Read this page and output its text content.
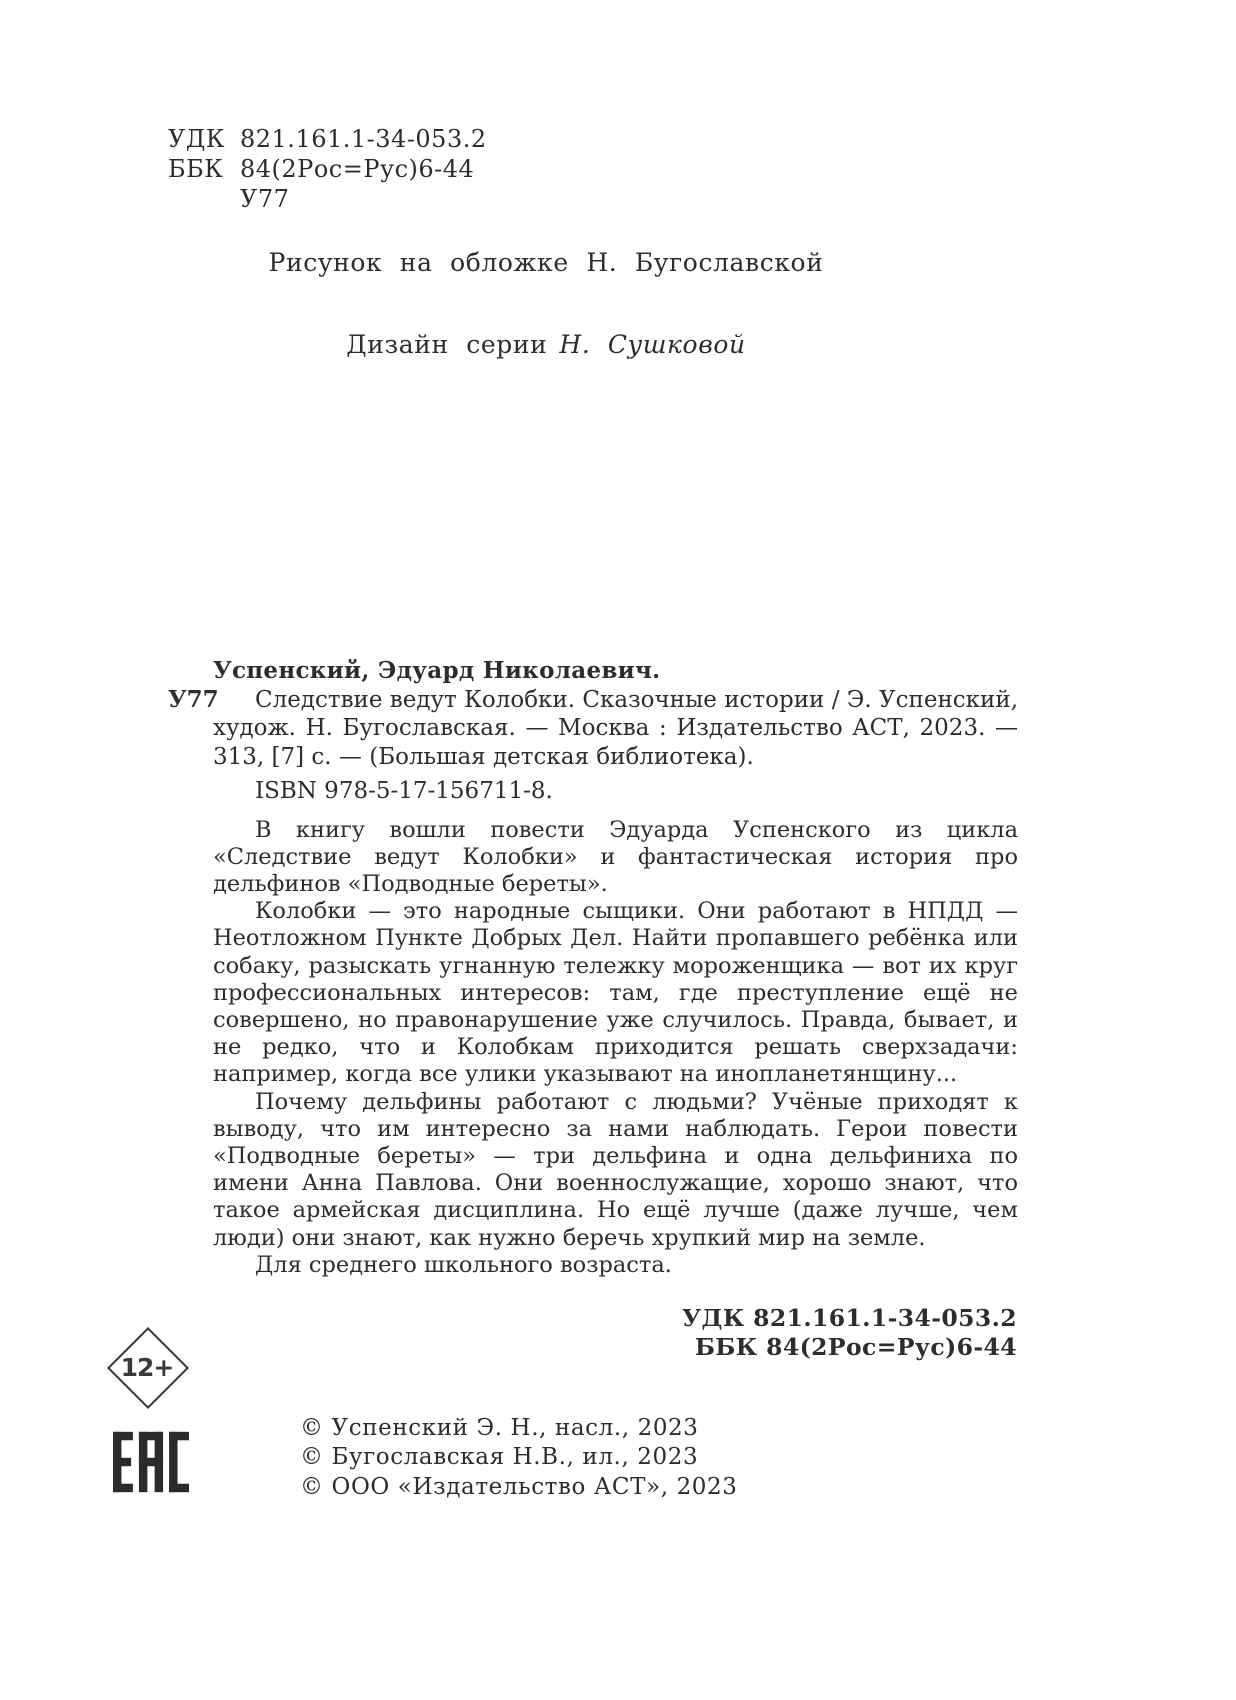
УДК 821.161.1-34-053.2
ББК 84(2Рос=Рус)6-44
У77
Рисунок на обложке Н. Бугославской
Дизайн серии Н. Сушковой
Успенский, Эдуард Николаевич.
У77	Следствие ведут Колобки. Сказочные истории / Э. Успенский, худож. Н. Бугославская. — Москва : Издательство АСТ, 2023. — 313, [7] с. — (Большая детская библиотека).

ISBN 978-5-17-156711-8.

В книгу вошли повести Эдуарда Успенского из цикла «Следствие ведут Колобки» и фантастическая история про дельфинов «Подводные береты».

Колобки — это народные сыщики. Они работают в НПДД — Неотложном Пункте Добрых Дел. Найти пропавшего ребёнка или собаку, разыскать угнанную тележку мороженщика — вот их круг профессиональных интересов: там, где преступление ещё не совершено, но правонарушение уже случилось. Правда, бывает, и не редко, что и Колобкам приходится решать сверхзадачи: например, когда все улики указывают на инопланетянщину...

Почему дельфины работают с людьми? Учёные приходят к выводу, что им интересно за нами наблюдать. Герои повести «Подводные береты» — три дельфина и одна дельфиниха по имени Анна Павлова. Они военнослужащие, хорошо знают, что такое армейская дисциплина. Но ещё лучше (даже лучше, чем люди) они знают, как нужно беречь хрупкий мир на земле.

Для среднего школьного возраста.

УДК 821.161.1-34-053.2
ББК 84(2Рос=Рус)6-44
12+
© Успенский Э. Н., насл., 2023
© Бугославская Н.В., ил., 2023
© ООО «Издательство АСТ», 2023
